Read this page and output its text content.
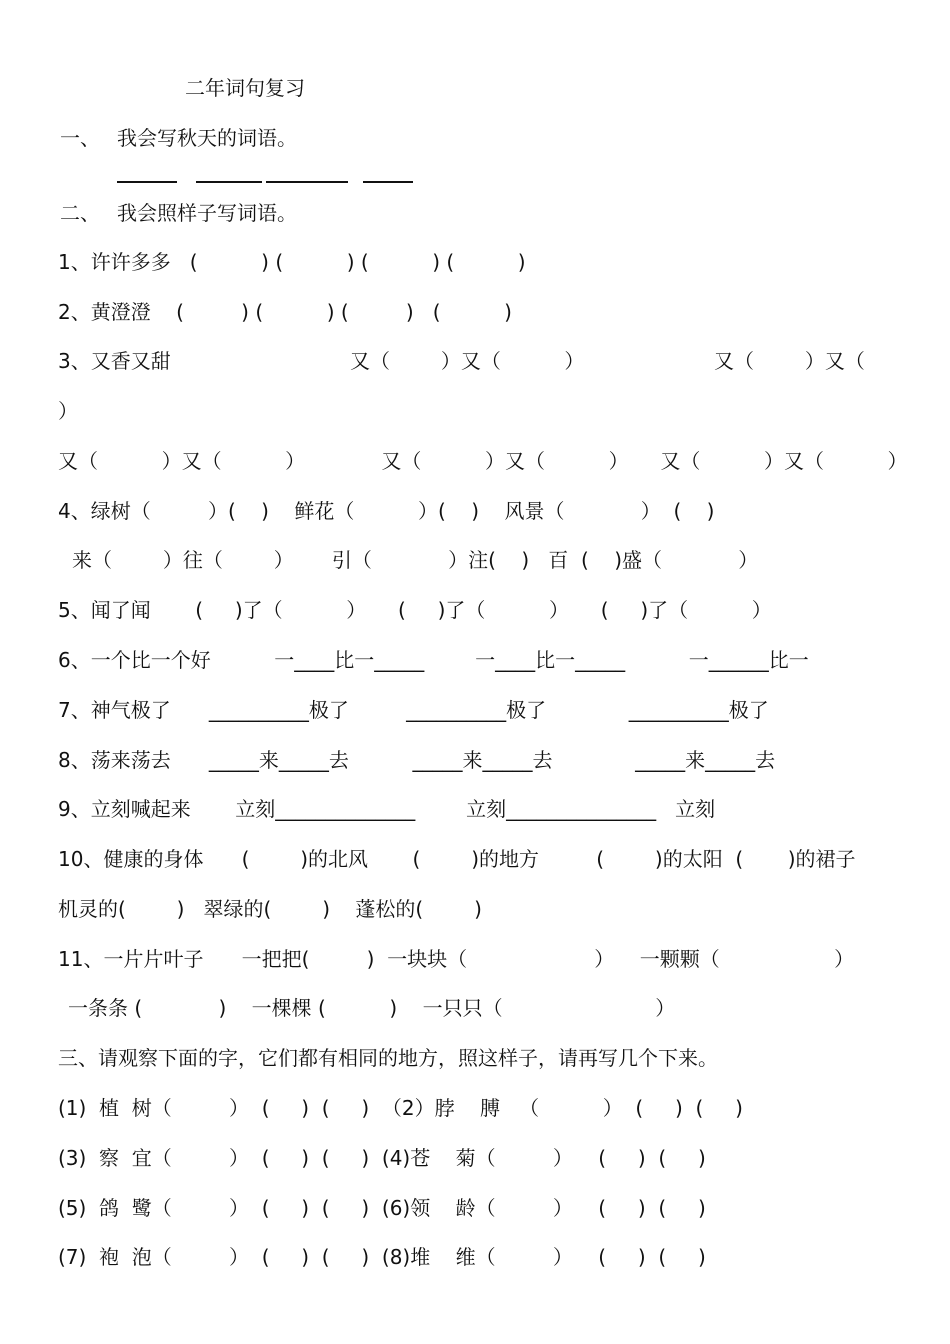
二年词句复习
一、 我会写秋天的词语。
二、 我会照样子写词语。
1、许许多多   (          ) (          ) (          ) (          )
2、黄澄澄    (         ) (          ) (         )   (          )
3、又香又甜	又（        ）又（          ）	又（        ）又（
）
又（          ）又（          ）            又（          ）又（          ）     又（          ）又（          ）
4、绿树（         ）(    )    鲜花（          ）(    )    风景（            ）  (    )
来（        ）往（        ）      引（            ）注(    )   百  (    )盛（            ）
5、闻了闻       (     )了（          ）     (     )了（          ）     (     )了（          ）
6、一个比一个好          一____比一_____        一____比一_____          一______比一
7、神气极了      __________极了         __________极了             __________极了
8、荡来荡去      _____来_____去          _____来_____去             _____来_____去
9、立刻喊起来       立刻______________        立刻_______________   立刻
10、健康的身体      (        )的北风       (        )的地方         (        )的太阳  (       )的裙子
机灵的(        )   翠绿的(        )    蓬松的(        )
11、一片片叶子      一把把(         )  一块块（                    ）    一颗颗（                  ）
一条条 (            )    一棵棵 (          )    一只只（                        ）
三、请观察下面的字，它们都有相同的地方，照这样子，请再写几个下来。
(1)  植  树（         ）  (     )  (     )  （2）脖    膊   （          ）  (     )  (     )
(3)  察  宜（         ）  (     )  (     )  (4)苍    菊（         ）    (     )  (     )
(5)  鸽  鹭（         ）  (     )  (     )  (6)领    龄（         ）    (     )  (     )
(7)  袍  泡（         ）  (     )  (     )  (8)堆    维（         ）    (     )  (     )
